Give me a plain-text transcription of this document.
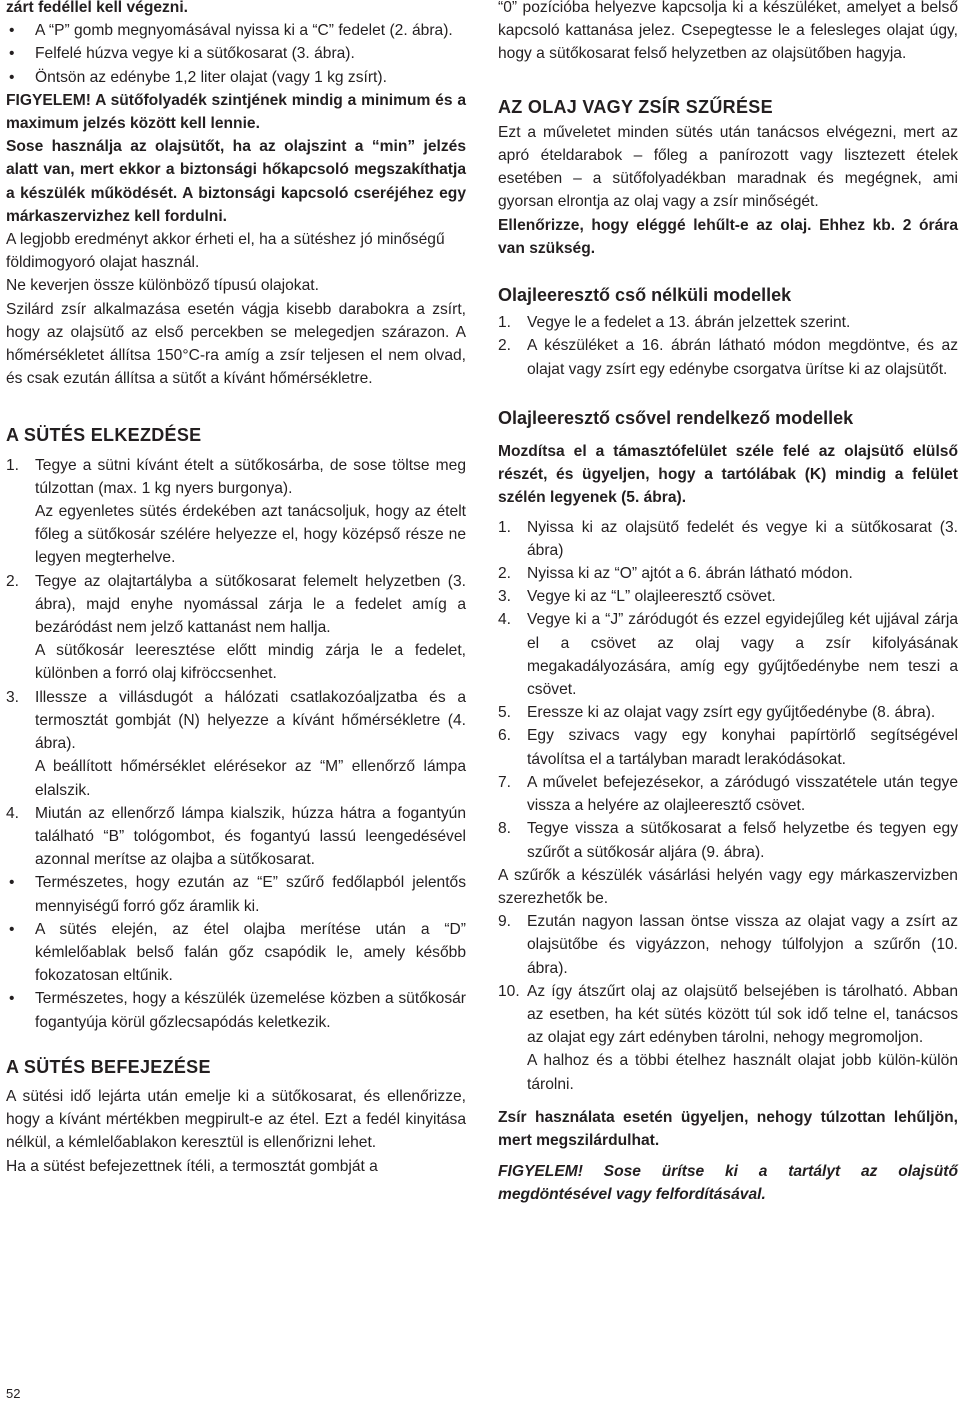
zárt fedéllel kell végezni.

• A “P” gomb megnyomásával nyissa ki a “C” fedelet (2. ábra).
• Felfelé húzva vegye ki a sütőkosarat (3. ábra).
• Öntsön az edénybe 1,2 liter olajat (vagy 1 kg zsírt).

FIGYELEM! A sütőfolyadék szintjének mindig a minimum és a maximum jelzés között kell lennie.

Sose használja az olajsütőt, ha az olajszint a “min” jelzés alatt van, mert ekkor a biztonsági hőkapcsoló megszakíthatja a készülék működését. A biztonsági kapcsoló cseréjéhez egy márkaszervizhez kell fordulni.

A legjobb eredményt akkor érheti el, ha a sütéshez jó minőségű földimogyoró olajat használ.

Ne keverjen össze különböző típusú olajokat.

Szilárd zsír alkalmazása esetén vágja kisebb darabokra a zsírt, hogy az olajsütő az első percekben se melegedjen szárazon. A hőmérsékletet állítsa 150°C-ra amíg a zsír teljesen el nem olvad, és csak ezután állítsa a sütőt a kívánt hőmérsékletre.

A SÜTÉS ELKEZDÉSE

1. Tegye a sütni kívánt ételt a sütőkosárba, de sose töltse meg túlzottan (max. 1 kg nyers burgonya).

Az egyenletes sütés érdekében azt tanácsoljuk, hogy az ételt főleg a sütőkosár szélére helyezze el, hogy középső része ne legyen megterhelve.

2. Tegye az olajtartályba a sütőkosarat felemelt helyzetben (3. ábra), majd enyhe nyomással zárja le a fedelet amíg a bezáródást nem jelző kattanást nem hallja.

A sütőkosár leeresztése előtt mindig zárja le a fedelet, különben a forró olaj kifröccsenhet.

3. Illessze a villásdugót a hálózati csatlakozóaljzatba és a termosztát gombját (N) helyezze a kívánt hőmérsékletre (4. ábra).

A beállított hőmérséklet elérésekor az “M” ellenőrző lámpa elalszik.

4. Miután az ellenőrző lámpa kialszik, húzza hátra a fogantyún található “B” tológombot, és fogantyú lassú leengedésével azonnal merítse az olajba a sütőkosarat.
• Természetes, hogy ezután az “E” szűrő fedőlapból jelentős mennyiségű forró gőz áramlik ki.
• A sütés elején, az étel olajba merítése után a “D” kémlelőablak belső falán gőz csapódik le, amely később fokozatosan eltűnik.
• Természetes, hogy a készülék üzemelése közben a sütőkosár fogantyúja körül gőzlecsapódás keletkezik.

A SÜTÉS BEFEJEZÉSE

A sütési idő lejárta után emelje ki a sütőkosarat, és ellenőrizze, hogy a kívánt mértékben megpirult-e az étel. Ezt a fedél kinyitása nélkül, a kémlelőablakon keresztül is ellenőrizni lehet.

Ha a sütést befejezettnek ítéli, a termosztát gombját a

“0” pozícióba helyezve kapcsolja ki a készüléket, amelyet a belső kapcsoló kattanása jelez. Csepegtesse le a felesleges olajat úgy, hogy a sütőkosarat felső helyzetben az olajsütőben hagyja.

AZ OLAJ VAGY ZSÍR SZŰRÉSE

Ezt a műveletet minden sütés után tanácsos elvégezni, mert az apró ételdarabok – főleg a panírozott vagy lisztezett ételek esetében – a sütőfolyadékban maradnak és megégnek, ami gyorsan elrontja az olaj vagy a zsír minőségét.

Ellenőrizze, hogy eléggé lehűlt-e az olaj. Ehhez kb. 2 órára van szükség.

Olajleeresztő cső nélküli modellek

1. Vegye le a fedelet a 13. ábrán jelzettek szerint.
2. A készüléket a 16. ábrán látható módon megdöntve, és az olajat vagy zsírt egy edénybe csorgatva ürítse ki az olajsütőt.

Olajleeresztő csővel rendelkező modellek

Mozdítsa el a támasztófelület széle felé az olajsütő elülső részét, és ügyeljen, hogy a tartólábak (K) mindig a felület szélén legyenek (5. ábra).

1. Nyissa ki az olajsütő fedelét és vegye ki a sütőkosarat (3. ábra)
2. Nyissa ki az “O” ajtót a 6. ábrán látható módon.
3. Vegye ki az “L” olajleeresztő csövet.
4. Vegye ki a “J” záródugót és ezzel egyidejűleg két ujjával zárja el a csövet az olaj vagy a zsír kifolyásának megakadályozására, amíg egy gyűjtőedénybe nem teszi a csövet.
5. Eressze ki az olajat vagy zsírt egy gyűjtőedénybe (8. ábra).
6. Egy szivacs vagy egy konyhai papírtörlő segítségével távolítsa el a tartályban maradt lerakódásokat.
7. A művelet befejezésekor, a záródugó visszatétele után tegye vissza a helyére az olajleeresztő csövet.
8. Tegye vissza a sütőkosarat a felső helyzetbe és tegyen egy szűrőt a sütőkosár aljára (9. ábra).

A szűrők a készülék vásárlási helyén vagy egy márkaszervizben szerezhetők be.

9. Ezután nagyon lassan öntse vissza az olajat vagy a zsírt az olajsütőbe és vigyázzon, nehogy túlfolyjon a szűrőn (10. ábra).
10. Az így átszűrt olaj az olajsütő belsejében is tárolható. Abban az esetben, ha két sütés között túl sok idő telne el, tanácsos az olajat egy zárt edényben tárolni, nehogy megromoljon.

A halhoz és a többi ételhez használt olajat jobb külön-külön tárolni.

Zsír használata esetén ügyeljen, nehogy túlzottan lehűljön, mert megszilárdulhat.

FIGYELEM! Sose ürítse ki a tartályt az olajsütő megdöntésével vagy felfordításával.

52
